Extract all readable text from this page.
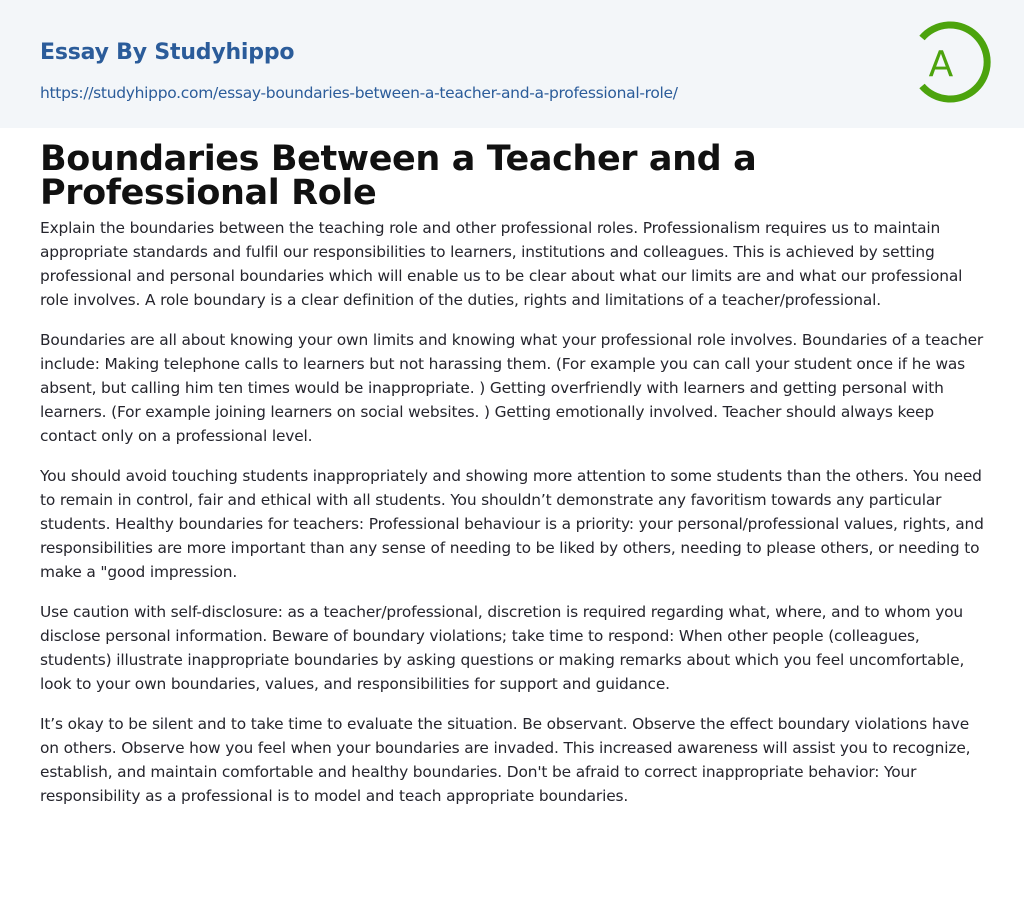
Essay By Studyhippo
https://studyhippo.com/essay-boundaries-between-a-teacher-and-a-professional-role/
A
Boundaries Between a Teacher and a Professional Role

Explain the boundaries between the teaching role and other professional roles. Professionalism requires us to maintain appropriate standards and fulfil our responsibilities to learners, institutions and colleagues. This is achieved by setting professional and personal boundaries which will enable us to be clear about what our limits are and what our professional role involves. A role boundary is a clear definition of the duties, rights and limitations of a teacher/professional.

Boundaries are all about knowing your own limits and knowing what your professional role involves. Boundaries of a teacher include: Making telephone calls to learners but not harassing them. (For example you can call your student once if he was absent, but calling him ten times would be inappropriate. ) Getting overfriendly with learners and getting personal with learners. (For example joining learners on social websites. ) Getting emotionally involved. Teacher should always keep contact only on a professional level.

You should avoid touching students inappropriately and showing more attention to some students than the others. You need to remain in control, fair and ethical with all students. You shouldn’t demonstrate any favoritism towards any particular students. Healthy boundaries for teachers: Professional behaviour is a priority: your personal/professional values, rights, and responsibilities are more important than any sense of needing to be liked by others, needing to please others, or needing to make a "good impression.

Use caution with self-disclosure: as a teacher/professional, discretion is required regarding what, where, and to whom you disclose personal information. Beware of boundary violations; take time to respond: When other people (colleagues, students) illustrate inappropriate boundaries by asking questions or making remarks about which you feel uncomfortable, look to your own boundaries, values, and responsibilities for support and guidance.

It’s okay to be silent and to take time to evaluate the situation. Be observant. Observe the effect boundary violations have on others. Observe how you feel when your boundaries are invaded. This increased awareness will assist you to recognize, establish, and maintain comfortable and healthy boundaries. Don't be afraid to correct inappropriate behavior: Your responsibility as a professional is to model and teach appropriate boundaries.
